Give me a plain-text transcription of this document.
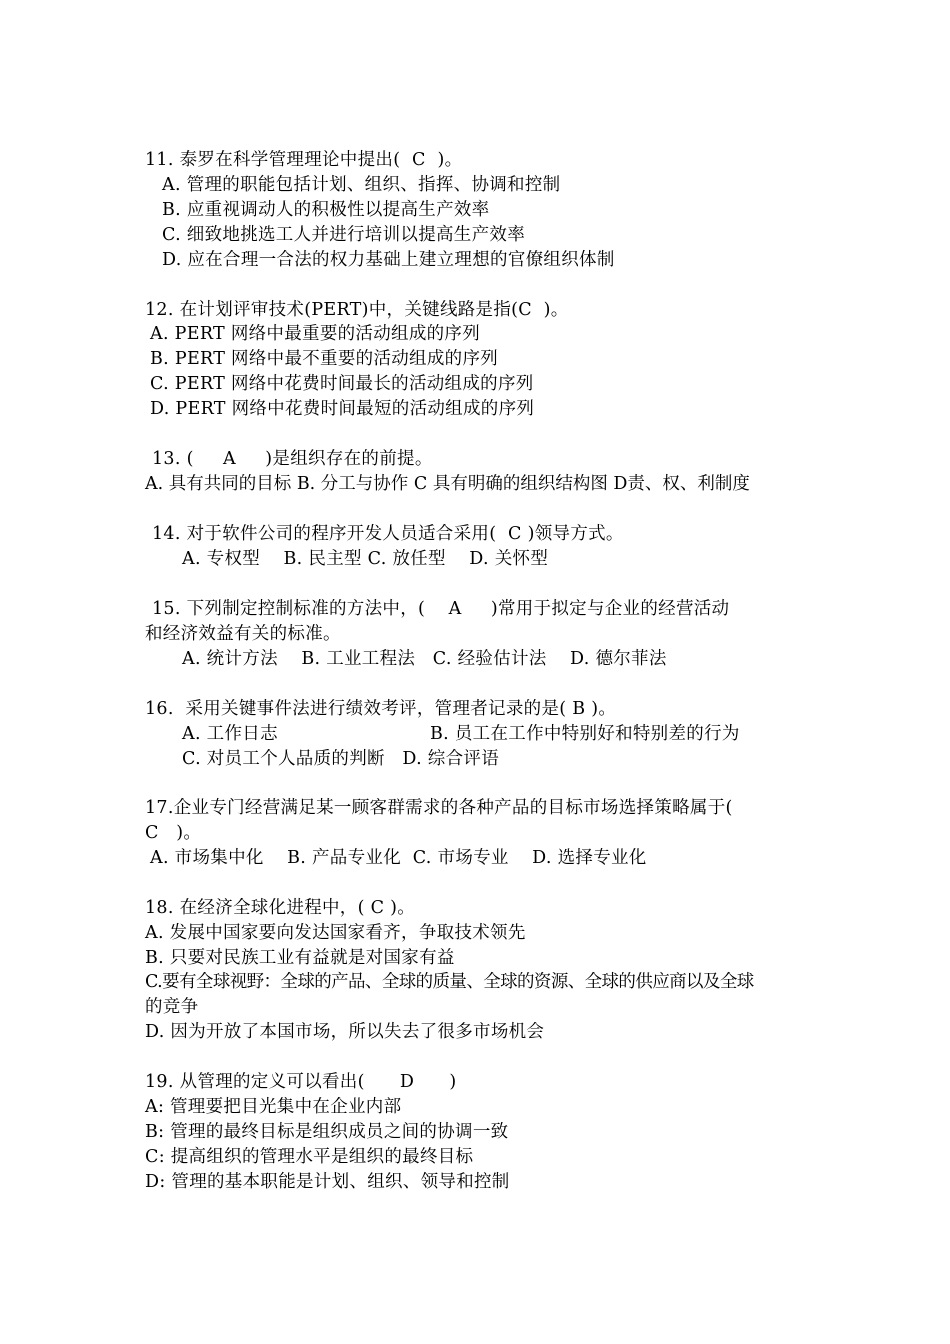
11. 泰罗在科学管理理论中提出(  C  )。
A. 管理的职能包括计划、组织、指挥、协调和控制
B. 应重视调动人的积极性以提高生产效率
C. 细致地挑选工人并进行培训以提高生产效率
D. 应在合理一合法的权力基础上建立理想的官僚组织体制
12. 在计划评审技术(PERT)中，关键线路是指(C  )。
A. PERT 网络中最重要的活动组成的序列
B. PERT 网络中最不重要的活动组成的序列
C. PERT 网络中花费时间最长的活动组成的序列
D. PERT 网络中花费时间最短的活动组成的序列
13. (     A     )是组织存在的前提。
A. 具有共同的目标 B. 分工与协作 C 具有明确的组织结构图 D责、权、利制度
14. 对于软件公司的程序开发人员适合采用(  C )领导方式。
A. 专权型    B. 民主型 C. 放任型    D. 关怀型
15. 下列制定控制标准的方法中，(    A     )常用于拟定与企业的经营活动
和经济效益有关的标准。
A. 统计方法    B. 工业工程法   C. 经验估计法    D. 德尔菲法
16.  采用关键事件法进行绩效考评，管理者记录的是( B )。
A. 工作日志	B. 员工在工作中特别好和特别差的行为
C. 对员工个人品质的判断   D. 综合评语
17.企业专门经营满足某一顾客群需求的各种产品的目标市场选择策略属于(
C   )。
A. 市场集中化    B. 产品专业化  C. 市场专业    D. 选择专业化
18. 在经济全球化进程中，( C )。
A. 发展中国家要向发达国家看齐，争取技术领先
B. 只要对民族工业有益就是对国家有益
C.要有全球视野：全球的产品、全球的质量、全球的资源、全球的供应商以及全球
的竞争
D. 因为开放了本国市场，所以失去了很多市场机会
19. 从管理的定义可以看出(      D      )
A: 管理要把目光集中在企业内部
B: 管理的最终目标是组织成员之间的协调一致
C: 提高组织的管理水平是组织的最终目标
D: 管理的基本职能是计划、组织、领导和控制
